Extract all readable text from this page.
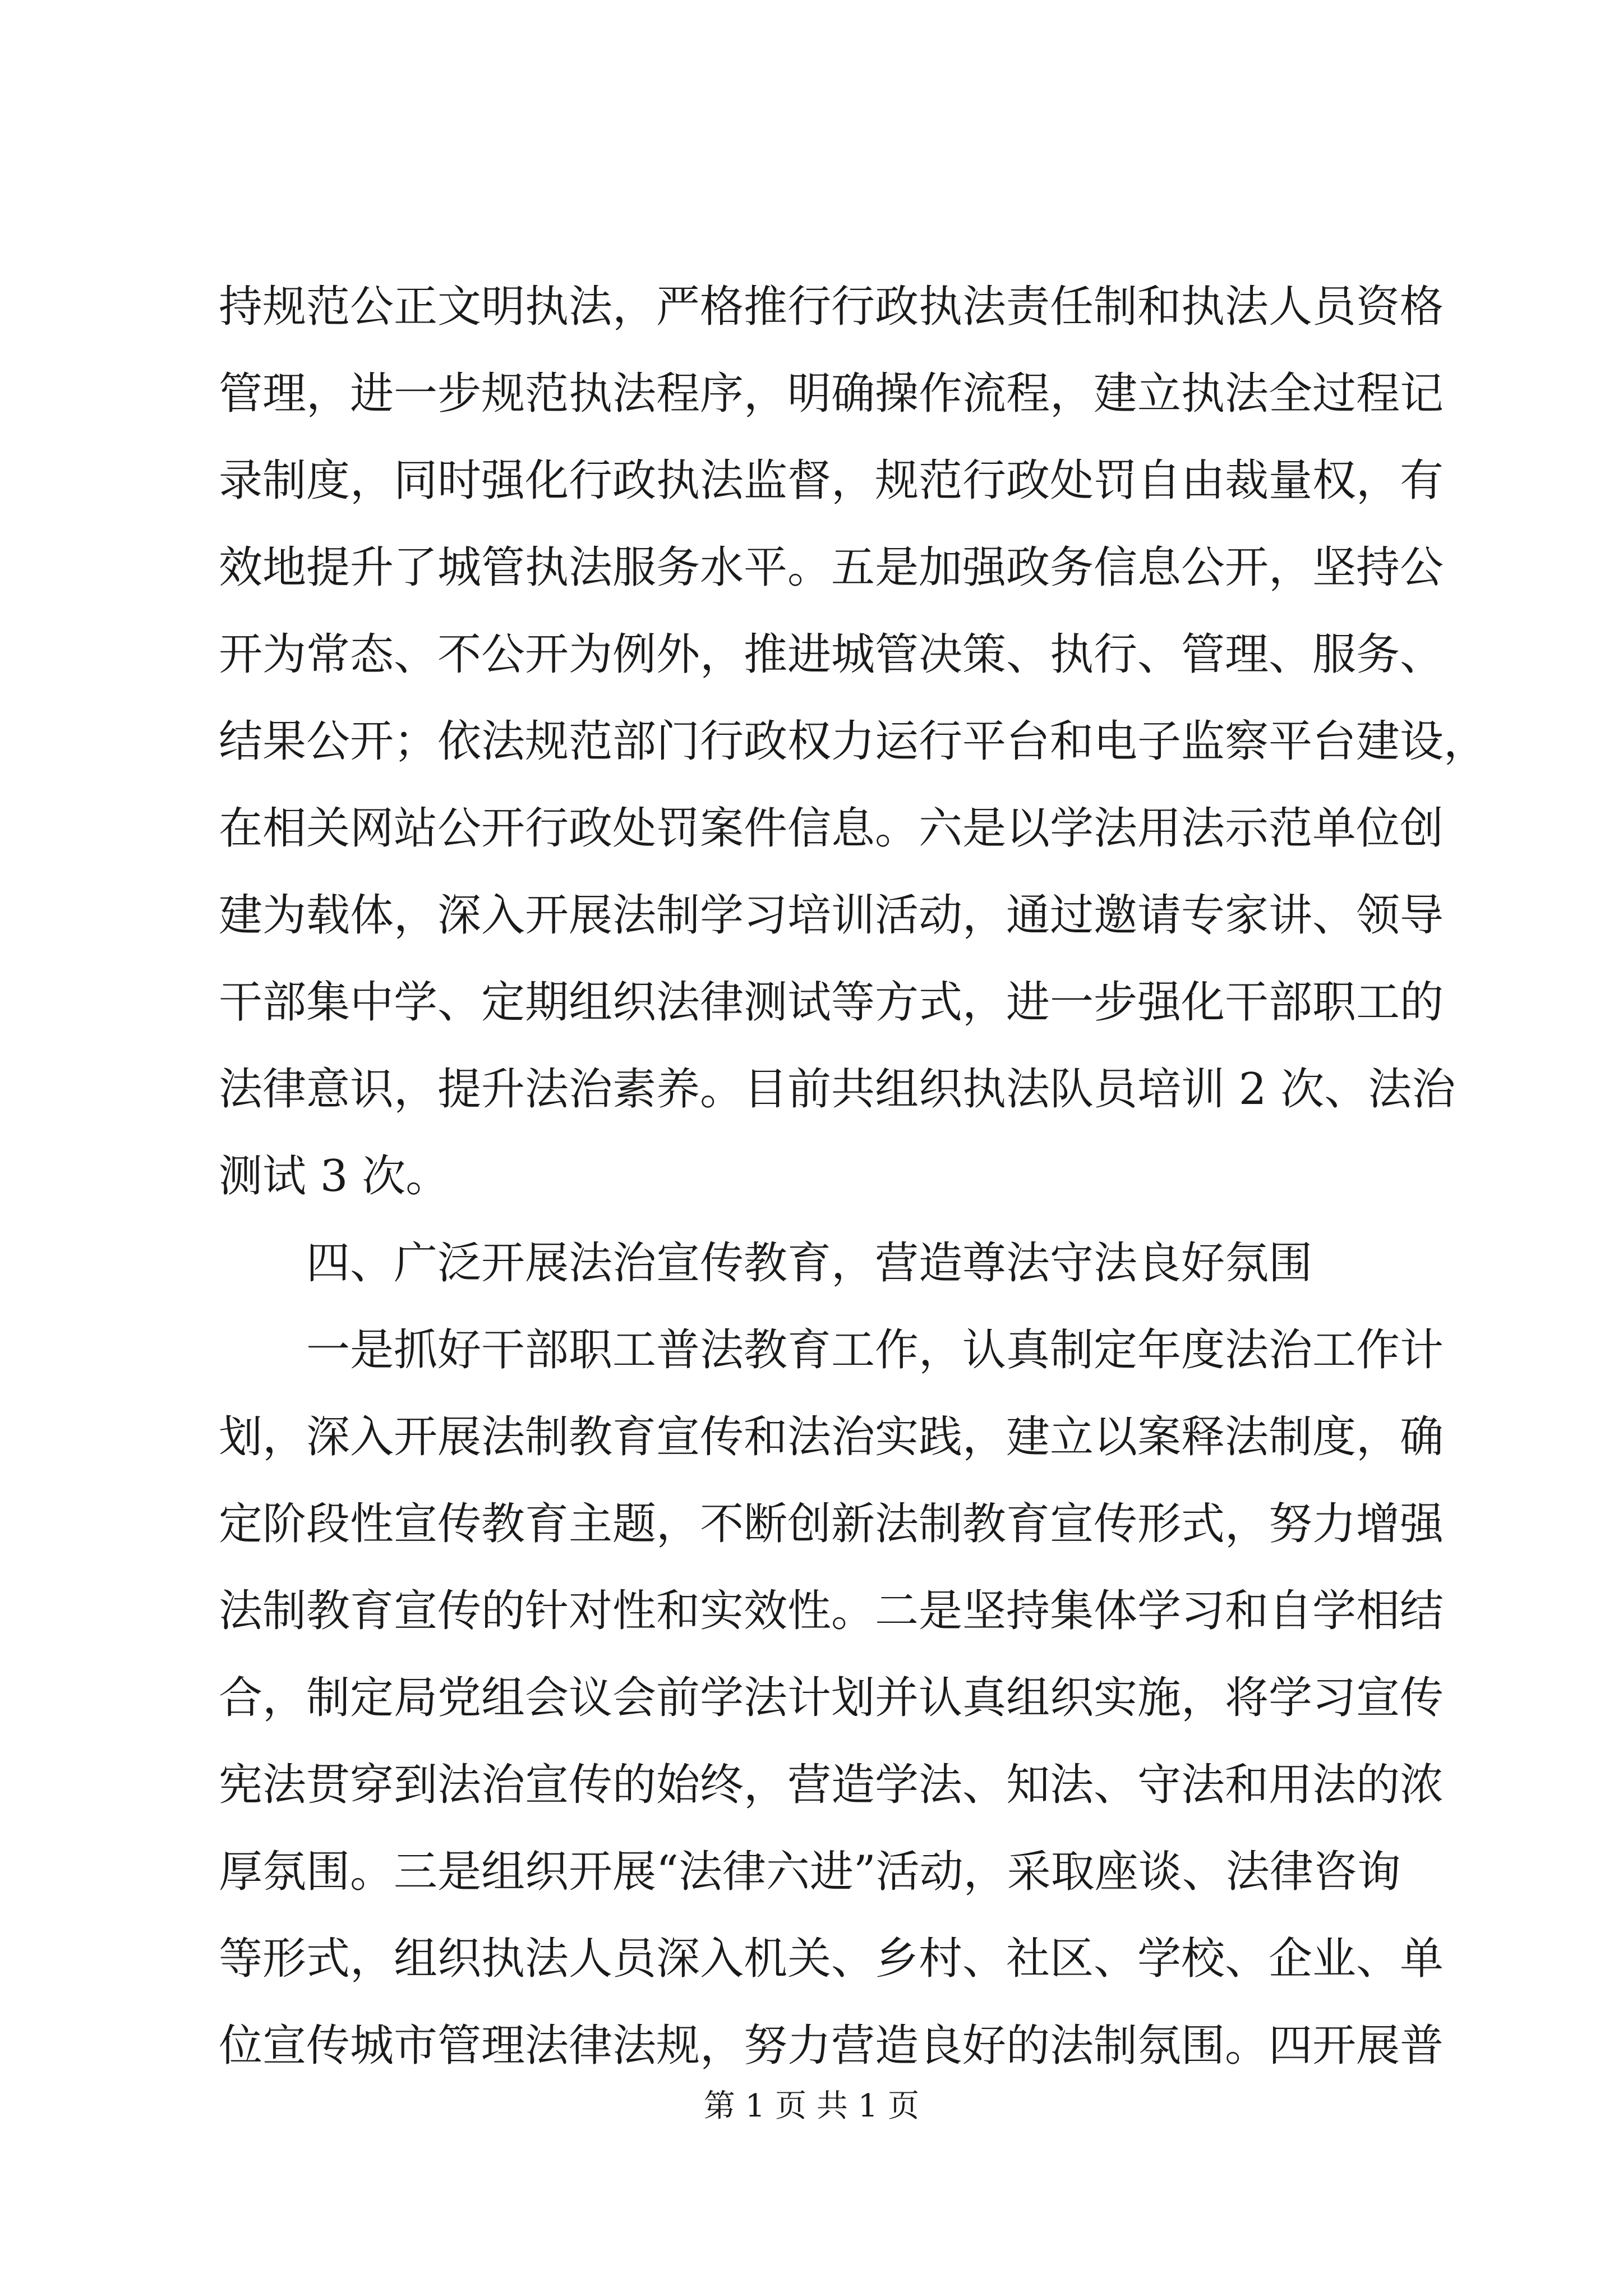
持规范公正文明执法，严格推行行政执法责任制和执法人员资格
管理，进一步规范执法程序，明确操作流程，建立执法全过程记
录制度，同时强化行政执法监督，规范行政处罚自由裁量权，有
效地提升了城管执法服务水平。五是加强政务信息公开，坚持公
开为常态、不公开为例外，推进城管决策、执行、管理、服务、
结果公开；依法规范部门行政权力运行平台和电子监察平台建设，
在相关网站公开行政处罚案件信息。六是以学法用法示范单位创
建为载体，深入开展法制学习培训活动，通过邀请专家讲、领导
干部集中学、定期组织法律测试等方式，进一步强化干部职工的
法律意识，提升法治素养。目前共组织执法队员培训 2 次、法治
测试 3 次。
四、广泛开展法治宣传教育，营造尊法守法良好氛围
一是抓好干部职工普法教育工作，认真制定年度法治工作计
划，深入开展法制教育宣传和法治实践，建立以案释法制度，确
定阶段性宣传教育主题，不断创新法制教育宣传形式，努力增强
法制教育宣传的针对性和实效性。二是坚持集体学习和自学相结
合，制定局党组会议会前学法计划并认真组织实施，将学习宣传
宪法贯穿到法治宣传的始终，营造学法、知法、守法和用法的浓
厚氛围。三是组织开展“法律六进”活动，采取座谈、法律咨询
等形式，组织执法人员深入机关、乡村、社区、学校、企业、单
位宣传城市管理法律法规，努力营造良好的法制氛围。四开展普
第 1 页 共 1 页
